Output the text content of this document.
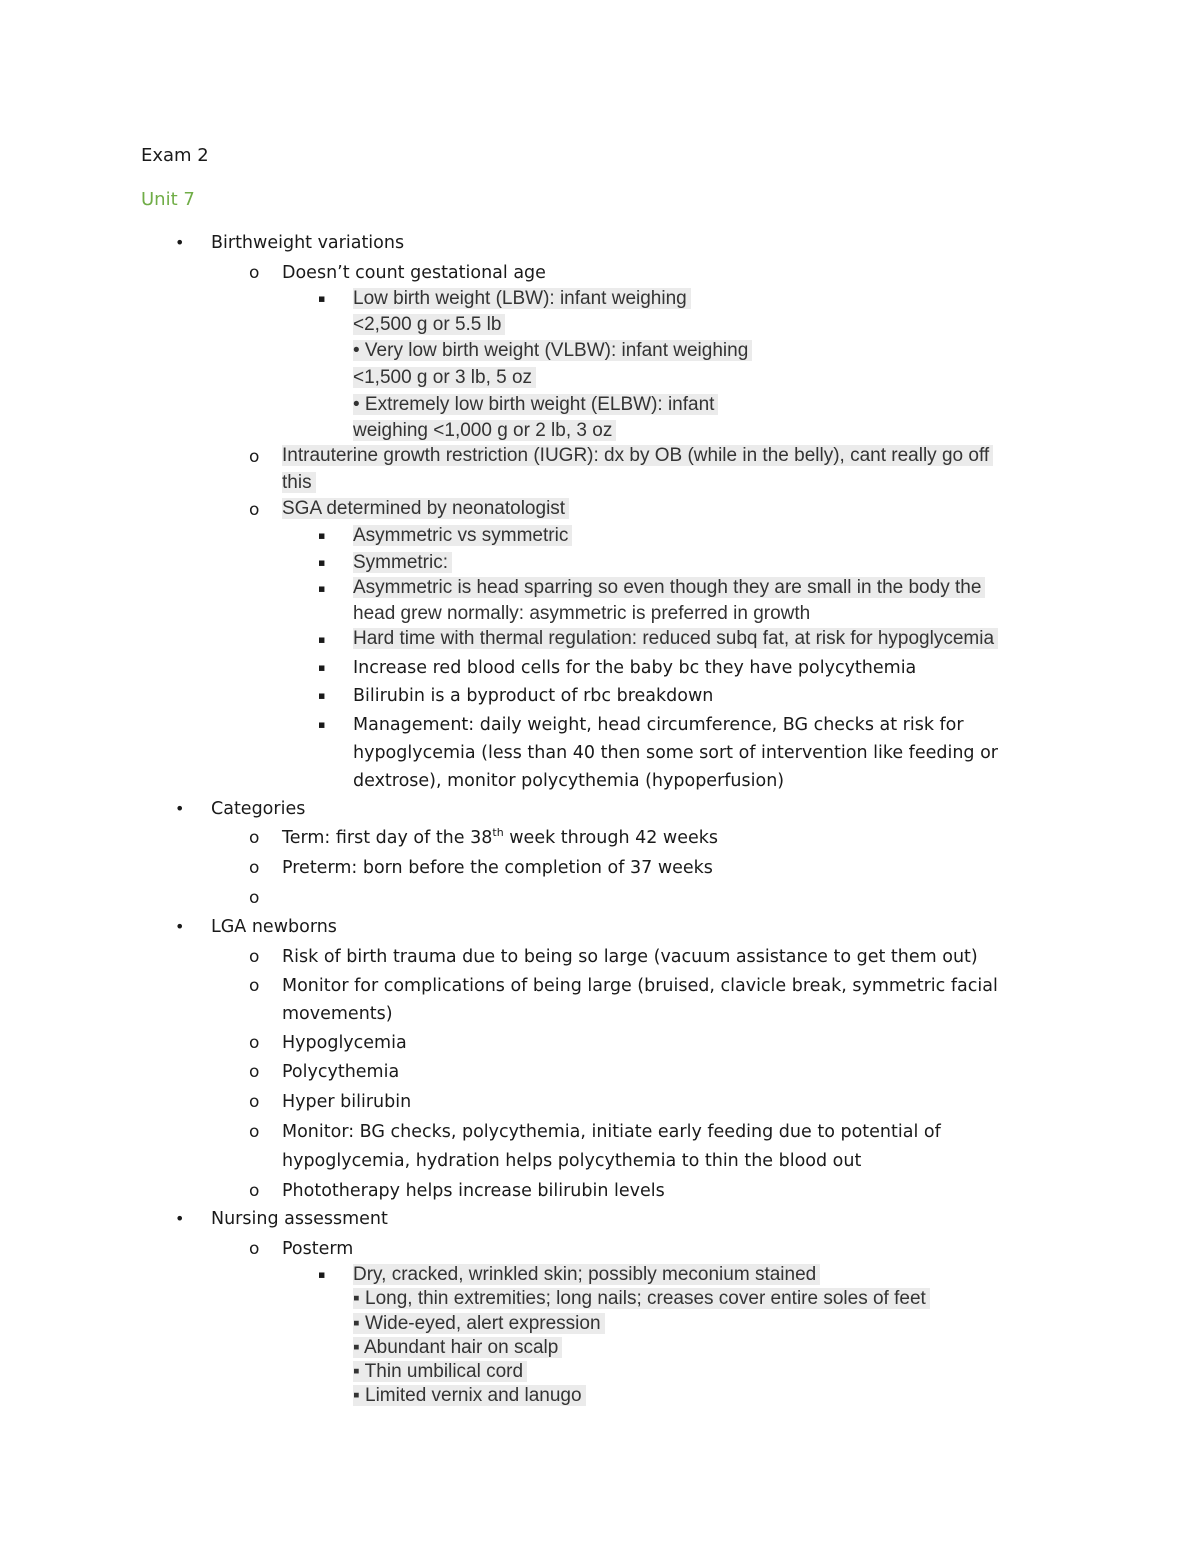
Exam 2
Unit 7
• Birthweight variations
o Doesn’t count gestational age
▪ Low birth weight (LBW): infant weighing
<2,500 g or 5.5 lb
• Very low birth weight (VLBW): infant weighing
<1,500 g or 3 lb, 5 oz
• Extremely low birth weight (ELBW): infant
weighing <1,000 g or 2 lb, 3 oz
o Intrauterine growth restriction (IUGR): dx by OB (while in the belly), cant really go off
this
o SGA determined by neonatologist
▪ Asymmetric vs symmetric
▪ Symmetric:
▪ Asymmetric is head sparring so even though they are small in the body the
head grew normally: asymmetric is preferred in growth
▪ Hard time with thermal regulation: reduced subq fat, at risk for hypoglycemia
▪ Increase red blood cells for the baby bc they have polycythemia
▪ Bilirubin is a byproduct of rbc breakdown
▪ Management: daily weight, head circumference, BG checks at risk for
hypoglycemia (less than 40 then some sort of intervention like feeding or
dextrose), monitor polycythemia (hypoperfusion)
• Categories
o Term: first day of the 38th week through 42 weeks
o Preterm: born before the completion of 37 weeks
o
• LGA newborns
o Risk of birth trauma due to being so large (vacuum assistance to get them out)
o Monitor for complications of being large (bruised, clavicle break, symmetric facial
movements)
o Hypoglycemia
o Polycythemia
o Hyper bilirubin
o Monitor: BG checks, polycythemia, initiate early feeding due to potential of
hypoglycemia, hydration helps polycythemia to thin the blood out
o Phototherapy helps increase bilirubin levels
• Nursing assessment
o Posterm
▪ Dry, cracked, wrinkled skin; possibly meconium stained
▪ Long, thin extremities; long nails; creases cover entire soles of feet
▪ Wide-eyed, alert expression
▪ Abundant hair on scalp
▪ Thin umbilical cord
▪ Limited vernix and lanugo
